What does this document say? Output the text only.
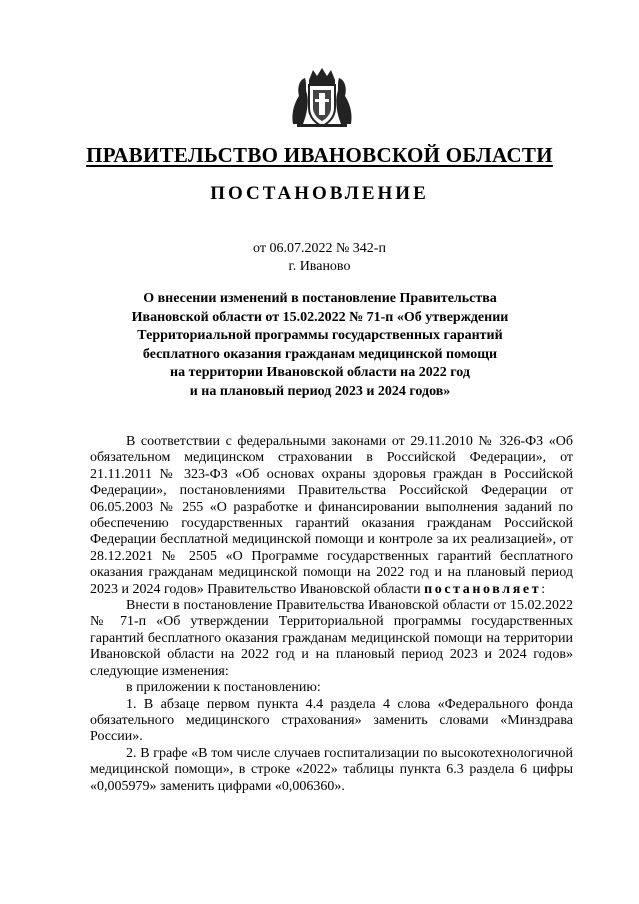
ПРАВИТЕЛЬСТВО ИВАНОВСКОЙ ОБЛАСТИ
ПОСТАНОВЛЕНИЕ
от 06.07.2022 № 342-п
г. Иваново
О внесении изменений в постановление Правительства
Ивановской области от 15.02.2022 № 71-п «Об утверждении
Территориальной программы государственных гарантий
бесплатного оказания гражданам медицинской помощи
на территории Ивановской области на 2022 год
и на плановый период 2023 и 2024 годов»

В соответствии с федеральными законами от 29.11.2010 № 326-ФЗ «Об обязательном медицинском страховании в Российской Федерации», от 21.11.2011 № 323-ФЗ «Об основах охраны здоровья граждан в Российской Федерации», постановлениями Правительства Российской Федерации от 06.05.2003 № 255 «О разработке и финансировании выполнения заданий по обеспечению государственных гарантий оказания гражданам Российской Федерации бесплатной медицинской помощи и контроле за их реализацией», от 28.12.2021 № 2505 «О Программе государственных гарантий бесплатного оказания гражданам медицинской помощи на 2022 год и на плановый период 2023 и 2024 годов» Правительство Ивановской области постановляет:

Внести в постановление Правительства Ивановской области от 15.02.2022 № 71-п «Об утверждении Территориальной программы государственных гарантий бесплатного оказания гражданам медицинской помощи на территории Ивановской области на 2022 год и на плановый период 2023 и 2024 годов» следующие изменения:

в приложении к постановлению:

1. В абзаце первом пункта 4.4 раздела 4 слова «Федерального фонда обязательного медицинского страхования» заменить словами «Минздрава России».

2. В графе «В том числе случаев госпитализации по высокотехнологичной медицинской помощи», в строке «2022» таблицы пункта 6.3 раздела 6 цифры «0,005979» заменить цифрами «0,006360».
